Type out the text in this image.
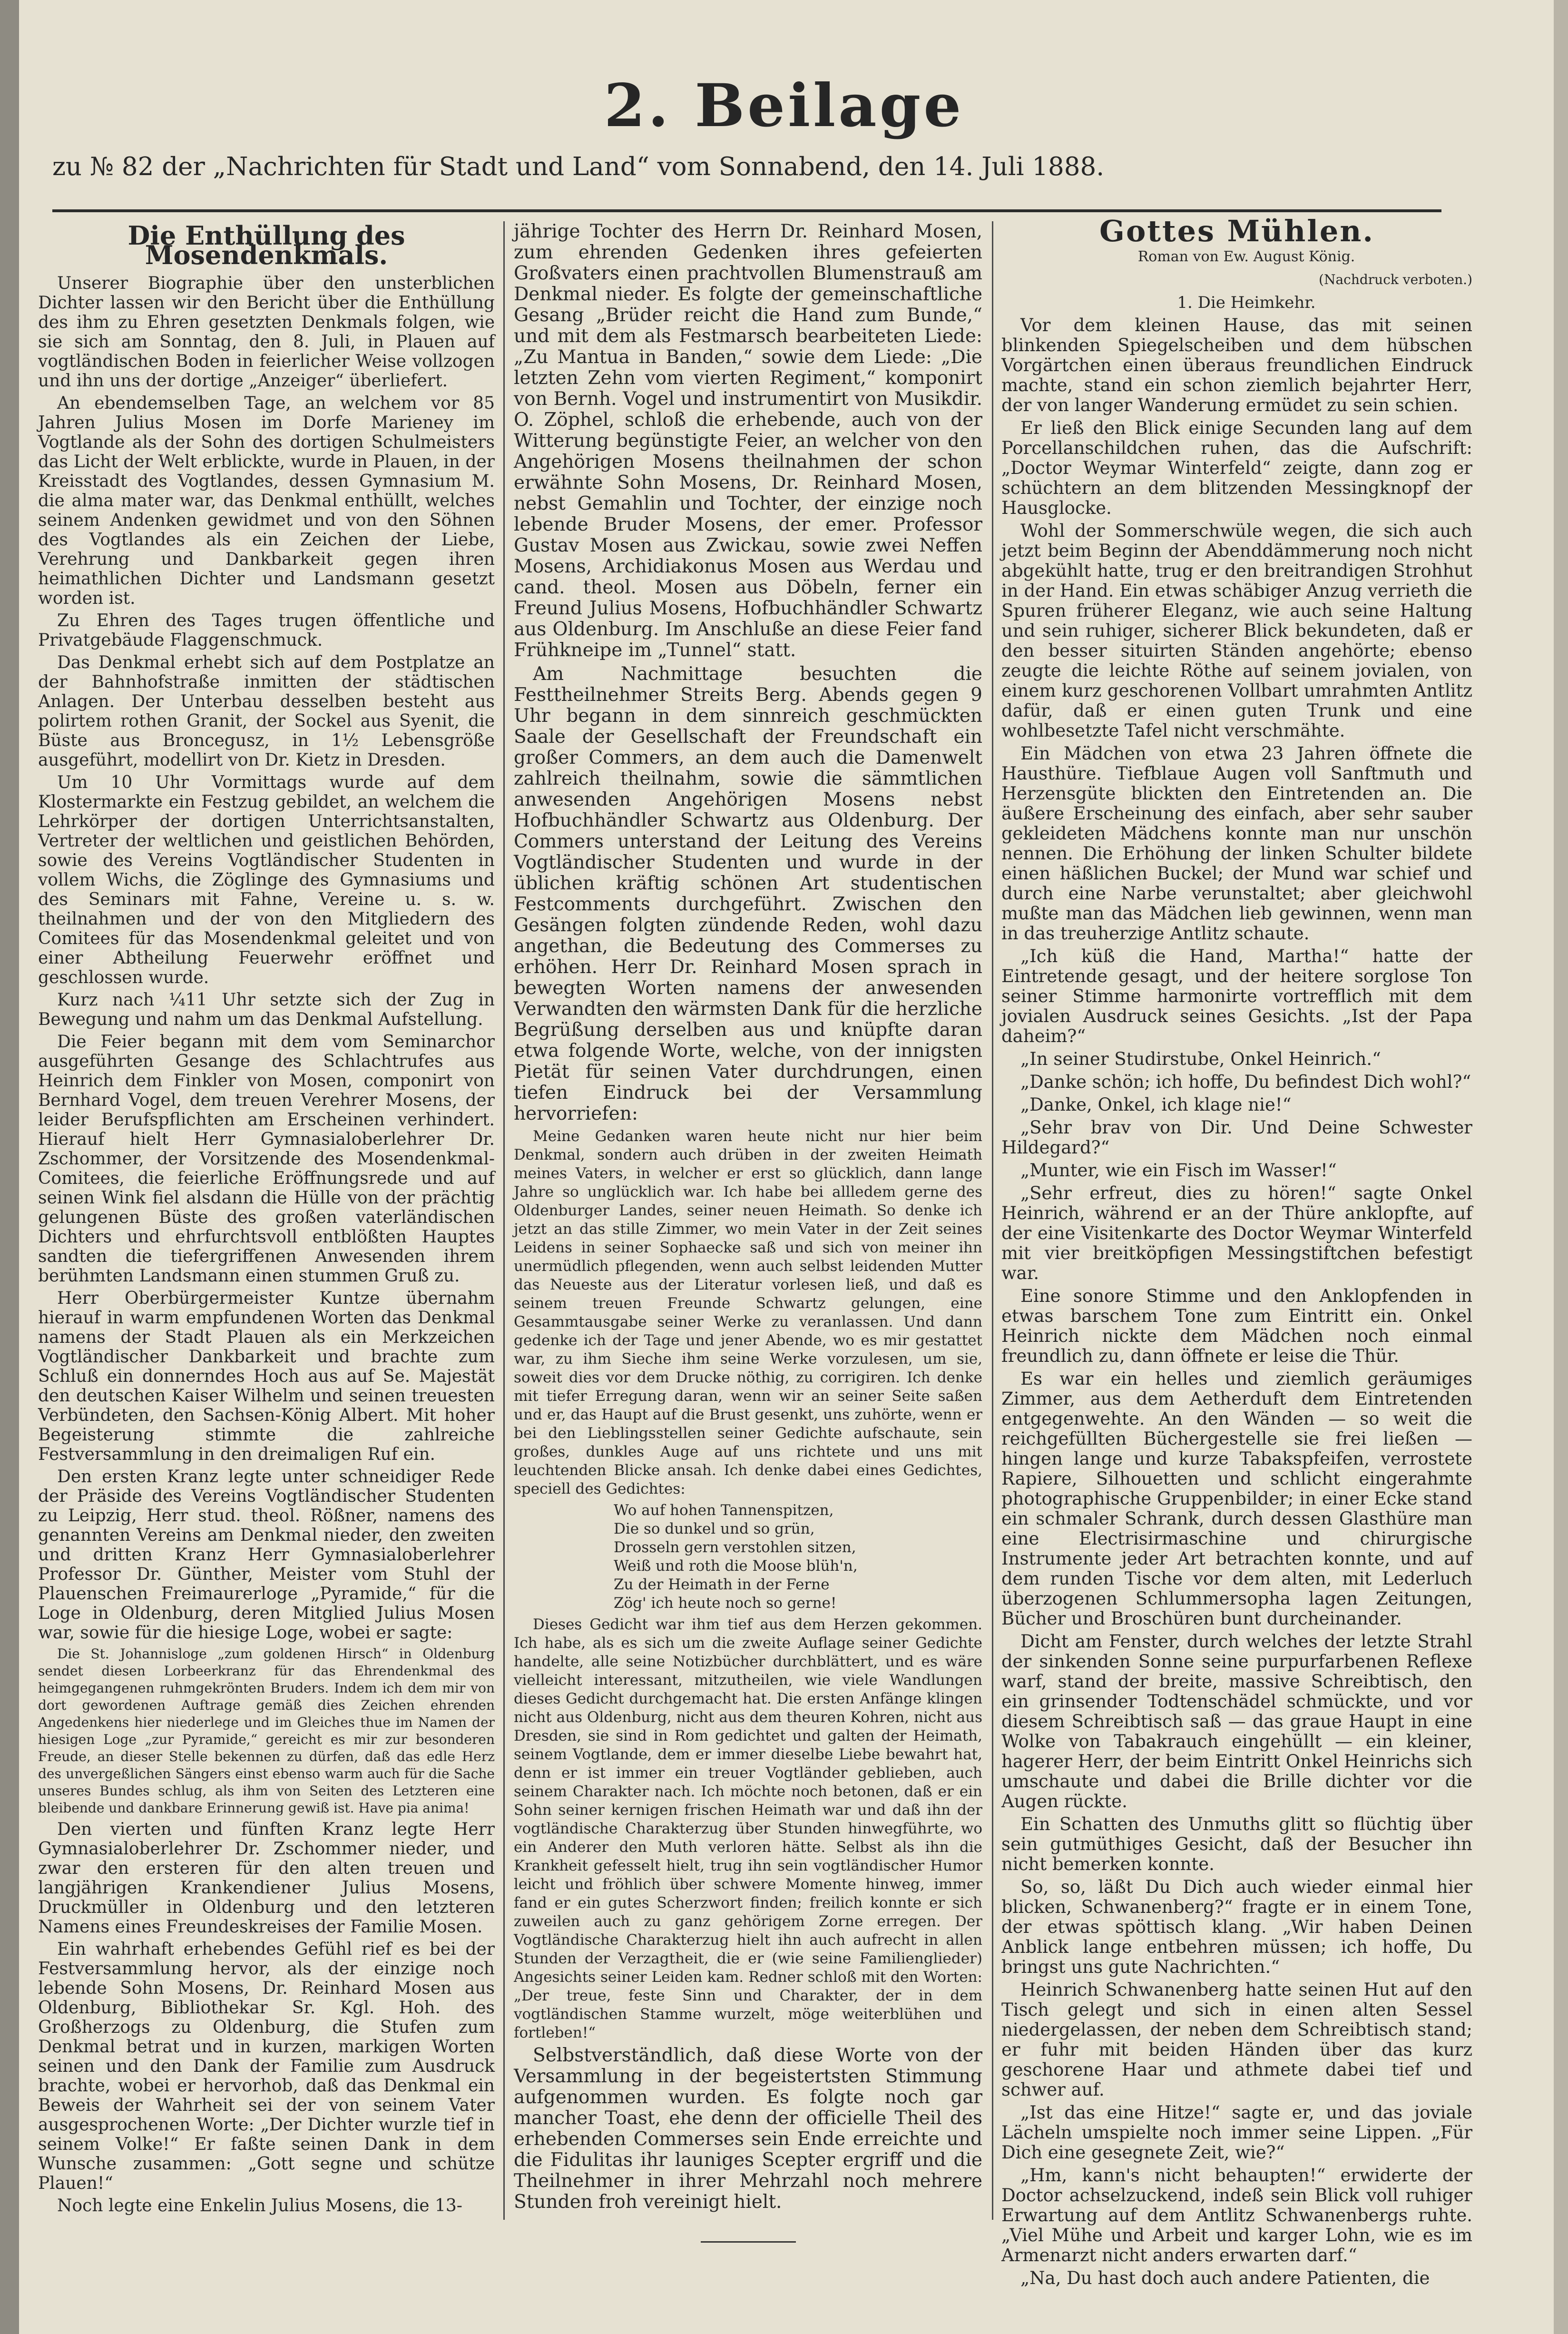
2. Beilage
zu № 82 der „Nachrichten für Stadt und Land“ vom Sonnabend, den 14. Juli 1888.
Die Enthüllung des Mosendenkmals.

Unserer Biographie über den unsterblichen Dichter lassen wir den Bericht über die Enthüllung des ihm zu Ehren gesetzten Denkmals folgen, wie sie sich am Sonntag, den 8. Juli, in Plauen auf vogtländischen Boden in feierlicher Weise vollzogen und ihn uns der dortige „Anzeiger“ überliefert.

An ebendemselben Tage, an welchem vor 85 Jahren Julius Mosen im Dorfe Marieney im Vogtlande als der Sohn des dortigen Schulmeisters das Licht der Welt erblickte, wurde in Plauen, in der Kreisstadt des Vogtlandes, dessen Gymnasium M. die alma mater war, das Denkmal enthüllt, welches seinem Andenken gewidmet und von den Söhnen des Vogtlandes als ein Zeichen der Liebe, Verehrung und Dankbarkeit gegen ihren heimathlichen Dichter und Landsmann gesetzt worden ist.

Zu Ehren des Tages trugen öffentliche und Privatgebäude Flaggenschmuck.

Das Denkmal erhebt sich auf dem Postplatze an der Bahnhofstraße inmitten der städtischen Anlagen. Der Unterbau desselben besteht aus polirtem rothen Granit, der Sockel aus Syenit, die Büste aus Broncegusz, in 1½ Lebensgröße ausgeführt, modellirt von Dr. Kietz in Dresden.

Um 10 Uhr Vormittags wurde auf dem Klostermarkte ein Festzug gebildet, an welchem die Lehrkörper der dortigen Unterrichtsanstalten, Vertreter der weltlichen und geistlichen Behörden, sowie des Vereins Vogtländischer Studenten in vollem Wichs, die Zöglinge des Gymnasiums und des Seminars mit Fahne, Vereine u. s. w. theilnahmen und der von den Mitgliedern des Comitees für das Mosendenkmal geleitet und von einer Abtheilung Feuerwehr eröffnet und geschlossen wurde.

Kurz nach ¼11 Uhr setzte sich der Zug in Bewegung und nahm um das Denkmal Aufstellung.

Die Feier begann mit dem vom Seminarchor ausgeführten Gesange des Schlachtrufes aus Heinrich dem Finkler von Mosen, componirt von Bernhard Vogel, dem treuen Verehrer Mosens, der leider Berufspflichten am Erscheinen verhindert. Hierauf hielt Herr Gymnasialoberlehrer Dr. Zschommer, der Vorsitzende des Mosendenkmal-Comitees, die feierliche Eröffnungsrede und auf seinen Wink fiel alsdann die Hülle von der prächtig gelungenen Büste des großen vaterländischen Dichters und ehrfurchtsvoll entblößten Hauptes sandten die tiefergriffenen Anwesenden ihrem berühmten Landsmann einen stummen Gruß zu.

Herr Oberbürgermeister Kuntze übernahm hierauf in warm empfundenen Worten das Denkmal namens der Stadt Plauen als ein Merkzeichen Vogtländischer Dankbarkeit und brachte zum Schluß ein donnerndes Hoch aus auf Se. Majestät den deutschen Kaiser Wilhelm und seinen treuesten Verbündeten, den Sachsen-König Albert. Mit hoher Begeisterung stimmte die zahlreiche Festversammlung in den dreimaligen Ruf ein.

Den ersten Kranz legte unter schneidiger Rede der Präside des Vereins Vogtländischer Studenten zu Leipzig, Herr stud. theol. Rößner, namens des genannten Vereins am Denkmal nieder, den zweiten und dritten Kranz Herr Gymnasialoberlehrer Professor Dr. Günther, Meister vom Stuhl der Plauenschen Freimaurerloge „Pyramide,“ für die Loge in Oldenburg, deren Mitglied Julius Mosen war, sowie für die hiesige Loge, wobei er sagte:

Die St. Johannisloge „zum goldenen Hirsch“ in Oldenburg sendet diesen Lorbeerkranz für das Ehrendenkmal des heimgegangenen ruhmgekrönten Bruders. Indem ich dem mir von dort gewordenen Auftrage gemäß dies Zeichen ehrenden Angedenkens hier niederlege und im Gleiches thue im Namen der hiesigen Loge „zur Pyramide,“ gereicht es mir zur besonderen Freude, an dieser Stelle bekennen zu dürfen, daß das edle Herz des unvergeßlichen Sängers einst ebenso warm auch für die Sache unseres Bundes schlug, als ihm von Seiten des Letzteren eine bleibende und dankbare Erinnerung gewiß ist. Have pia anima!

Den vierten und fünften Kranz legte Herr Gymnasialoberlehrer Dr. Zschommer nieder, und zwar den ersteren für den alten treuen und langjährigen Krankendiener Julius Mosens, Druckmüller in Oldenburg und den letzteren Namens eines Freundeskreises der Familie Mosen.

Ein wahrhaft erhebendes Gefühl rief es bei der Festversammlung hervor, als der einzige noch lebende Sohn Mosens, Dr. Reinhard Mosen aus Oldenburg, Bibliothekar Sr. Kgl. Hoh. des Großherzogs zu Oldenburg, die Stufen zum Denkmal betrat und in kurzen, markigen Worten seinen und den Dank der Familie zum Ausdruck brachte, wobei er hervorhob, daß das Denkmal ein Beweis der Wahrheit sei der von seinem Vater ausgesprochenen Worte: „Der Dichter wurzle tief in seinem Volke!“ Er faßte seinen Dank in dem Wunsche zusammen: „Gott segne und schütze Plauen!“

Noch legte eine Enkelin Julius Mosens, die 13-

jährige Tochter des Herrn Dr. Reinhard Mosen, zum ehrenden Gedenken ihres gefeierten Großvaters einen prachtvollen Blumenstrauß am Denkmal nieder. Es folgte der gemeinschaftliche Gesang „Brüder reicht die Hand zum Bunde,“ und mit dem als Festmarsch bearbeiteten Liede: „Zu Mantua in Banden,“ sowie dem Liede: „Die letzten Zehn vom vierten Regiment,“ komponirt von Bernh. Vogel und instrumentirt von Musikdir. O. Zöphel, schloß die erhebende, auch von der Witterung begünstigte Feier, an welcher von den Angehörigen Mosens theilnahmen der schon erwähnte Sohn Mosens, Dr. Reinhard Mosen, nebst Gemahlin und Tochter, der einzige noch lebende Bruder Mosens, der emer. Professor Gustav Mosen aus Zwickau, sowie zwei Neffen Mosens, Archidiakonus Mosen aus Werdau und cand. theol. Mosen aus Döbeln, ferner ein Freund Julius Mosens, Hofbuchhändler Schwartz aus Oldenburg. Im Anschluße an diese Feier fand Frühkneipe im „Tunnel“ statt.

Am Nachmittage besuchten die Festtheilnehmer Streits Berg. Abends gegen 9 Uhr begann in dem sinnreich geschmückten Saale der Gesellschaft der Freundschaft ein großer Commers, an dem auch die Damenwelt zahlreich theilnahm, sowie die sämmtlichen anwesenden Angehörigen Mosens nebst Hofbuchhändler Schwartz aus Oldenburg. Der Commers unterstand der Leitung des Vereins Vogtländischer Studenten und wurde in der üblichen kräftig schönen Art studentischen Festcomments durchgeführt. Zwischen den Gesängen folgten zündende Reden, wohl dazu angethan, die Bedeutung des Commerses zu erhöhen. Herr Dr. Reinhard Mosen sprach in bewegten Worten namens der anwesenden Verwandten den wärmsten Dank für die herzliche Begrüßung derselben aus und knüpfte daran etwa folgende Worte, welche, von der innigsten Pietät für seinen Vater durchdrungen, einen tiefen Eindruck bei der Versammlung hervorriefen:

Meine Gedanken waren heute nicht nur hier beim Denkmal, sondern auch drüben in der zweiten Heimath meines Vaters, in welcher er erst so glücklich, dann lange Jahre so unglücklich war. Ich habe bei allledem gerne des Oldenburger Landes, seiner neuen Heimath. So denke ich jetzt an das stille Zimmer, wo mein Vater in der Zeit seines Leidens in seiner Sophaecke saß und sich von meiner ihn unermüdlich pflegenden, wenn auch selbst leidenden Mutter das Neueste aus der Literatur vorlesen ließ, und daß es seinem treuen Freunde Schwartz gelungen, eine Gesammtausgabe seiner Werke zu veranlassen. Und dann gedenke ich der Tage und jener Abende, wo es mir gestattet war, zu ihm Sieche ihm seine Werke vorzulesen, um sie, soweit dies vor dem Drucke nöthig, zu corrigiren. Ich denke mit tiefer Erregung daran, wenn wir an seiner Seite saßen und er, das Haupt auf die Brust gesenkt, uns zuhörte, wenn er bei den Lieblingsstellen seiner Gedichte aufschaute, sein großes, dunkles Auge auf uns richtete und uns mit leuchtenden Blicke ansah. Ich denke dabei eines Gedichtes, speciell des Gedichtes:

Wo auf hohen Tannenspitzen,
Die so dunkel und so grün,
Drosseln gern verstohlen sitzen,
Weiß und roth die Moose blüh'n,
Zu der Heimath in der Ferne
Zög' ich heute noch so gerne!

Dieses Gedicht war ihm tief aus dem Herzen gekommen. Ich habe, als es sich um die zweite Auflage seiner Gedichte handelte, alle seine Notizbücher durchblättert, und es wäre vielleicht interessant, mitzutheilen, wie viele Wandlungen dieses Gedicht durchgemacht hat. Die ersten Anfänge klingen nicht aus Oldenburg, nicht aus dem theuren Kohren, nicht aus Dresden, sie sind in Rom gedichtet und galten der Heimath, seinem Vogtlande, dem er immer dieselbe Liebe bewahrt hat, denn er ist immer ein treuer Vogtländer geblieben, auch seinem Charakter nach. Ich möchte noch betonen, daß er ein Sohn seiner kernigen frischen Heimath war und daß ihn der vogtländische Charakterzug über Stunden hinwegführte, wo ein Anderer den Muth verloren hätte. Selbst als ihn die Krankheit gefesselt hielt, trug ihn sein vogtländischer Humor leicht und fröhlich über schwere Momente hinweg, immer fand er ein gutes Scherzwort finden; freilich konnte er sich zuweilen auch zu ganz gehörigem Zorne erregen. Der Vogtländische Charakterzug hielt ihn auch aufrecht in allen Stunden der Verzagtheit, die er (wie seine Familienglieder) Angesichts seiner Leiden kam. Redner schloß mit den Worten: „Der treue, feste Sinn und Charakter, der in dem vogtländischen Stamme wurzelt, möge weiterblühen und fortleben!“

Selbstverständlich, daß diese Worte von der Versammlung in der begeistertsten Stimmung aufgenommen wurden. Es folgte noch gar mancher Toast, ehe denn der officielle Theil des erhebenden Commerses sein Ende erreichte und die Fidulitas ihr launiges Scepter ergriff und die Theilnehmer in ihrer Mehrzahl noch mehrere Stunden froh vereinigt hielt.

Gottes Mühlen.

Roman von Ew. August König.

(Nachdruck verboten.)

1. Die Heimkehr.

Vor dem kleinen Hause, das mit seinen blinkenden Spiegelscheiben und dem hübschen Vorgärtchen einen überaus freundlichen Eindruck machte, stand ein schon ziemlich bejahrter Herr, der von langer Wanderung ermüdet zu sein schien.

Er ließ den Blick einige Secunden lang auf dem Porcellanschildchen ruhen, das die Aufschrift: „Doctor Weymar Winterfeld“ zeigte, dann zog er schüchtern an dem blitzenden Messingknopf der Hausglocke.

Wohl der Sommerschwüle wegen, die sich auch jetzt beim Beginn der Abenddämmerung noch nicht abgekühlt hatte, trug er den breitrandigen Strohhut in der Hand. Ein etwas schäbiger Anzug verrieth die Spuren früherer Eleganz, wie auch seine Haltung und sein ruhiger, sicherer Blick bekundeten, daß er den besser situirten Ständen angehörte; ebenso zeugte die leichte Röthe auf seinem jovialen, von einem kurz geschorenen Vollbart umrahmten Antlitz dafür, daß er einen guten Trunk und eine wohlbesetzte Tafel nicht verschmähte.

Ein Mädchen von etwa 23 Jahren öffnete die Hausthüre. Tiefblaue Augen voll Sanftmuth und Herzensgüte blickten den Eintretenden an. Die äußere Erscheinung des einfach, aber sehr sauber gekleideten Mädchens konnte man nur unschön nennen. Die Erhöhung der linken Schulter bildete einen häßlichen Buckel; der Mund war schief und durch eine Narbe verunstaltet; aber gleichwohl mußte man das Mädchen lieb gewinnen, wenn man in das treuherzige Antlitz schaute.

„Ich küß die Hand, Martha!“ hatte der Eintretende gesagt, und der heitere sorglose Ton seiner Stimme harmonirte vortrefflich mit dem jovialen Ausdruck seines Gesichts. „Ist der Papa daheim?“

„In seiner Studirstube, Onkel Heinrich.“

„Danke schön; ich hoffe, Du befindest Dich wohl?“

„Danke, Onkel, ich klage nie!“

„Sehr brav von Dir. Und Deine Schwester Hildegard?“

„Munter, wie ein Fisch im Wasser!“

„Sehr erfreut, dies zu hören!“ sagte Onkel Heinrich, während er an der Thüre anklopfte, auf der eine Visitenkarte des Doctor Weymar Winterfeld mit vier breitköpfigen Messingstiftchen befestigt war.

Eine sonore Stimme und den Anklopfenden in etwas barschem Tone zum Eintritt ein. Onkel Heinrich nickte dem Mädchen noch einmal freundlich zu, dann öffnete er leise die Thür.

Es war ein helles und ziemlich geräumiges Zimmer, aus dem Aetherduft dem Eintretenden entgegenwehte. An den Wänden — so weit die reichgefüllten Büchergestelle sie frei ließen — hingen lange und kurze Tabakspfeifen, verrostete Rapiere, Silhouetten und schlicht eingerahmte photographische Gruppenbilder; in einer Ecke stand ein schmaler Schrank, durch dessen Glasthüre man eine Electrisirmaschine und chirurgische Instrumente jeder Art betrachten konnte, und auf dem runden Tische vor dem alten, mit Lederluch überzogenen Schlummersopha lagen Zeitungen, Bücher und Broschüren bunt durcheinander.

Dicht am Fenster, durch welches der letzte Strahl der sinkenden Sonne seine purpurfarbenen Reflexe warf, stand der breite, massive Schreibtisch, den ein grinsender Todtenschädel schmückte, und vor diesem Schreibtisch saß — das graue Haupt in eine Wolke von Tabakrauch eingehüllt — ein kleiner, hagerer Herr, der beim Eintritt Onkel Heinrichs sich umschaute und dabei die Brille dichter vor die Augen rückte.

Ein Schatten des Unmuths glitt so flüchtig über sein gutmüthiges Gesicht, daß der Besucher ihn nicht bemerken konnte.

So, so, läßt Du Dich auch wieder einmal hier blicken, Schwanenberg?“ fragte er in einem Tone, der etwas spöttisch klang. „Wir haben Deinen Anblick lange entbehren müssen; ich hoffe, Du bringst uns gute Nachrichten.“

Heinrich Schwanenberg hatte seinen Hut auf den Tisch gelegt und sich in einen alten Sessel niedergelassen, der neben dem Schreibtisch stand; er fuhr mit beiden Händen über das kurz geschorene Haar und athmete dabei tief und schwer auf.

„Ist das eine Hitze!“ sagte er, und das joviale Lächeln umspielte noch immer seine Lippen. „Für Dich eine gesegnete Zeit, wie?“

„Hm, kann's nicht behaupten!“ erwiderte der Doctor achselzuckend, indeß sein Blick voll ruhiger Erwartung auf dem Antlitz Schwanenbergs ruhte. „Viel Mühe und Arbeit und karger Lohn, wie es im Armenarzt nicht anders erwarten darf.“

„Na, Du hast doch auch andere Patienten, die
